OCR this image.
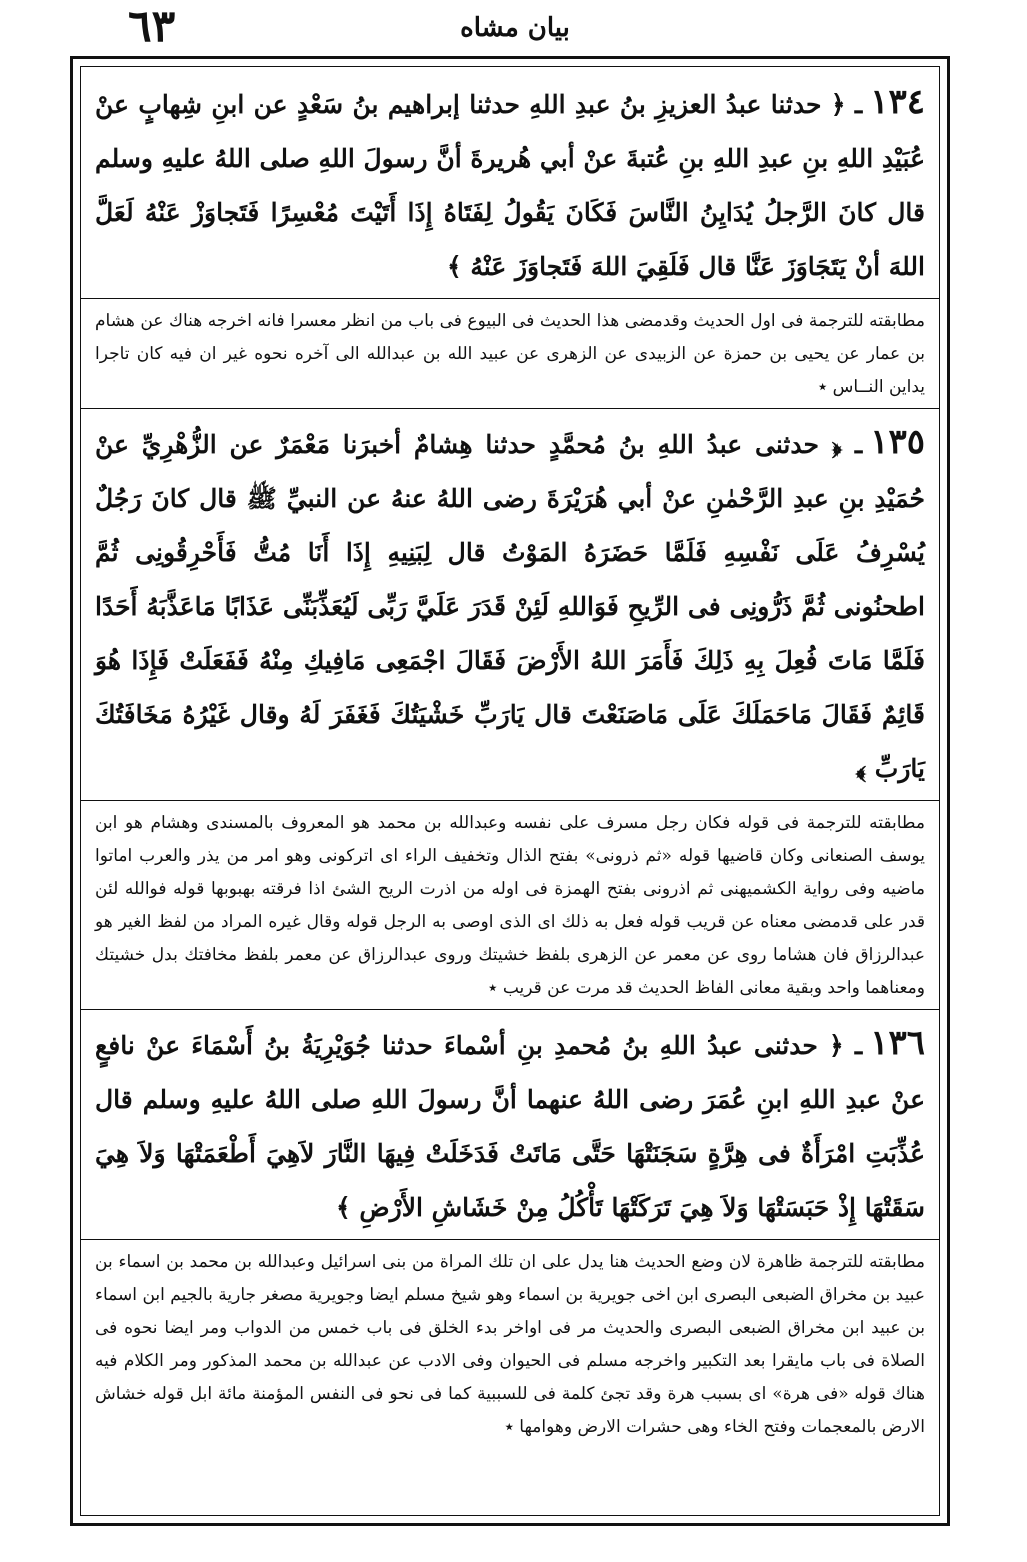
٦٣	بيان مشاه

١٣٤ـ ﴿ حدثنا عبدُ العزيزِ بنُ عبدِ اللهِ حدثنا إبراهيم بنُ سَعْدٍ عن ابنِ شِهابٍ عنْ عُبَيْدِ اللهِ بنِ عبدِ اللهِ بنِ عُتبةَ عنْ أبي هُريرةَ أنَّ رسولَ اللهِ صلى اللهُ عليهِ وسلم قال كانَ الرَّجلُ يُدَايِنُ النَّاسَ فَكَانَ يَقُولُ لِفَتَاهُ إِذَا أَتَيْتَ مُعْسِرًا فَتَجاوَزْ عَنْهُ لَعَلَّ اللهَ أنْ يَتَجَاوَزَ عَنَّا قال فَلَقِيَ اللهَ فَتَجاوَزَ عَنْهُ ﴾

مطابقته للترجمة فى اول الحديث وقدمضى هذا الحديث فى البيوع فى باب من انظر معسرا فانه اخرجه هناك عن هشام بن عمار عن يحيى بن حمزة عن الزبيدى عن الزهرى عن عبيد الله بن عبدالله الى آخره نحوه غير ان فيه كان تاجرا يداين النــاس ٭

١٣٥ـ ﴿ حدثنى عبدُ اللهِ بنُ مُحمَّدٍ حدثنا هِشامٌ أخبرَنا مَعْمَرٌ عن الزُّهْرِيِّ عنْ حُمَيْدِ بنِ عبدِ الرَّحْمٰنِ عنْ أبي هُرَيْرَةَ رضى اللهُ عنهُ عن النبيِّ ﷺ قال كانَ رَجُلٌ يُسْرِفُ عَلَى نَفْسِهِ فَلَمَّا حَضَرَهُ المَوْتُ قال لِبَنِيهِ إِذَا أَنَا مُتُّ فَأَحْرِقُونِى ثُمَّ اطحنُونى ثُمَّ ذَرُّونِى فى الرِّيحِ فَوَاللهِ لَئِنْ قَدَرَ عَلَيَّ رَبِّى لَيُعَذِّبَنِّى عَذَابًا مَاعَذَّبَهُ أَحَدًا فَلَمَّا مَاتَ فُعِلَ بِهِ ذَلِكَ فَأَمَرَ اللهُ الأَرْضَ فَقَالَ اجْمَعِى مَافِيكِ مِنْهُ فَفَعَلَتْ فَإِذَا هُوَ قَائِمٌ فَقَالَ مَاحَمَلَكَ عَلَى مَاصَنَعْتَ قال يَارَبِّ خَشْيَتُكَ فَغَفَرَ لَهُ وقال غَيْرُهُ مَخَافَتُكَ يَارَبِّ ﴾

مطابقته للترجمة فى قوله فكان رجل مسرف على نفسه وعبدالله بن محمد هو المعروف بالمسندى وهشام هو ابن يوسف الصنعانى وكان قاضيها قوله «ثم ذرونى» بفتح الذال وتخفيف الراء اى اتركونى وهو امر من يذر والعرب اماتوا ماضيه وفى رواية الكشميهنى ثم اذرونى بفتح الهمزة فى اوله من اذرت الريح الشئ اذا فرقته بهبوبها قوله فوالله لئن قدر على قدمضى معناه عن قريب قوله فعل به ذلك اى الذى اوصى به الرجل قوله وقال غيره المراد من لفظ الغير هو عبدالرزاق فان هشاما روى عن معمر عن الزهرى بلفظ خشيتك وروى عبدالرزاق عن معمر بلفظ مخافتك بدل خشيتك ومعناهما واحد وبقية معانى الفاظ الحديث قد مرت عن قريب ٭

١٣٦ـ ﴿ حدثنى عبدُ اللهِ بنُ مُحمدِ بنِ أسْماءَ حدثنا جُوَيْرِيَةُ بنُ أَسْمَاءَ عنْ نافعٍ عنْ عبدِ اللهِ ابنِ عُمَرَ رضى اللهُ عنهما أنَّ رسولَ اللهِ صلى اللهُ عليهِ وسلم قال عُذِّبَتِ امْرَأَةٌ فى هِرَّةٍ سَجَنَتْهَا حَتَّى مَاتَتْ فَدَخَلَتْ فِيهَا النَّارَ لاَهِيَ أَطْعَمَتْهَا وَلاَ هِيَ سَقَتْهَا إِذْ حَبَسَتْهَا وَلاَ هِيَ تَرَكَتْهَا تَأْكُلُ مِنْ خَشَاشِ الأَرْضِ ﴾

مطابقته للترجمة ظاهرة لان وضع الحديث هنا يدل على ان تلك المراة من بنى اسرائيل وعبدالله بن محمد بن اسماء بن عبيد بن مخراق الضبعى البصرى ابن اخى جويرية بن اسماء وهو شيخ مسلم ايضا وجويرية مصغر جارية بالجيم ابن اسماء بن عبيد ابن مخراق الضبعى البصرى والحديث مر فى اواخر بدء الخلق فى باب خمس من الدواب ومر ايضا نحوه فى الصلاة فى باب مايقرا بعد التكبير واخرجه مسلم فى الحيوان وفى الادب عن عبدالله بن محمد المذكور ومر الكلام فيه هناك قوله «فى هرة» اى بسبب هرة وقد تجئ كلمة فى للسببية كما فى نحو فى النفس المؤمنة مائة ابل قوله خشاش الارض بالمعجمات وفتح الخاء وهى حشرات الارض وهوامها ٭
